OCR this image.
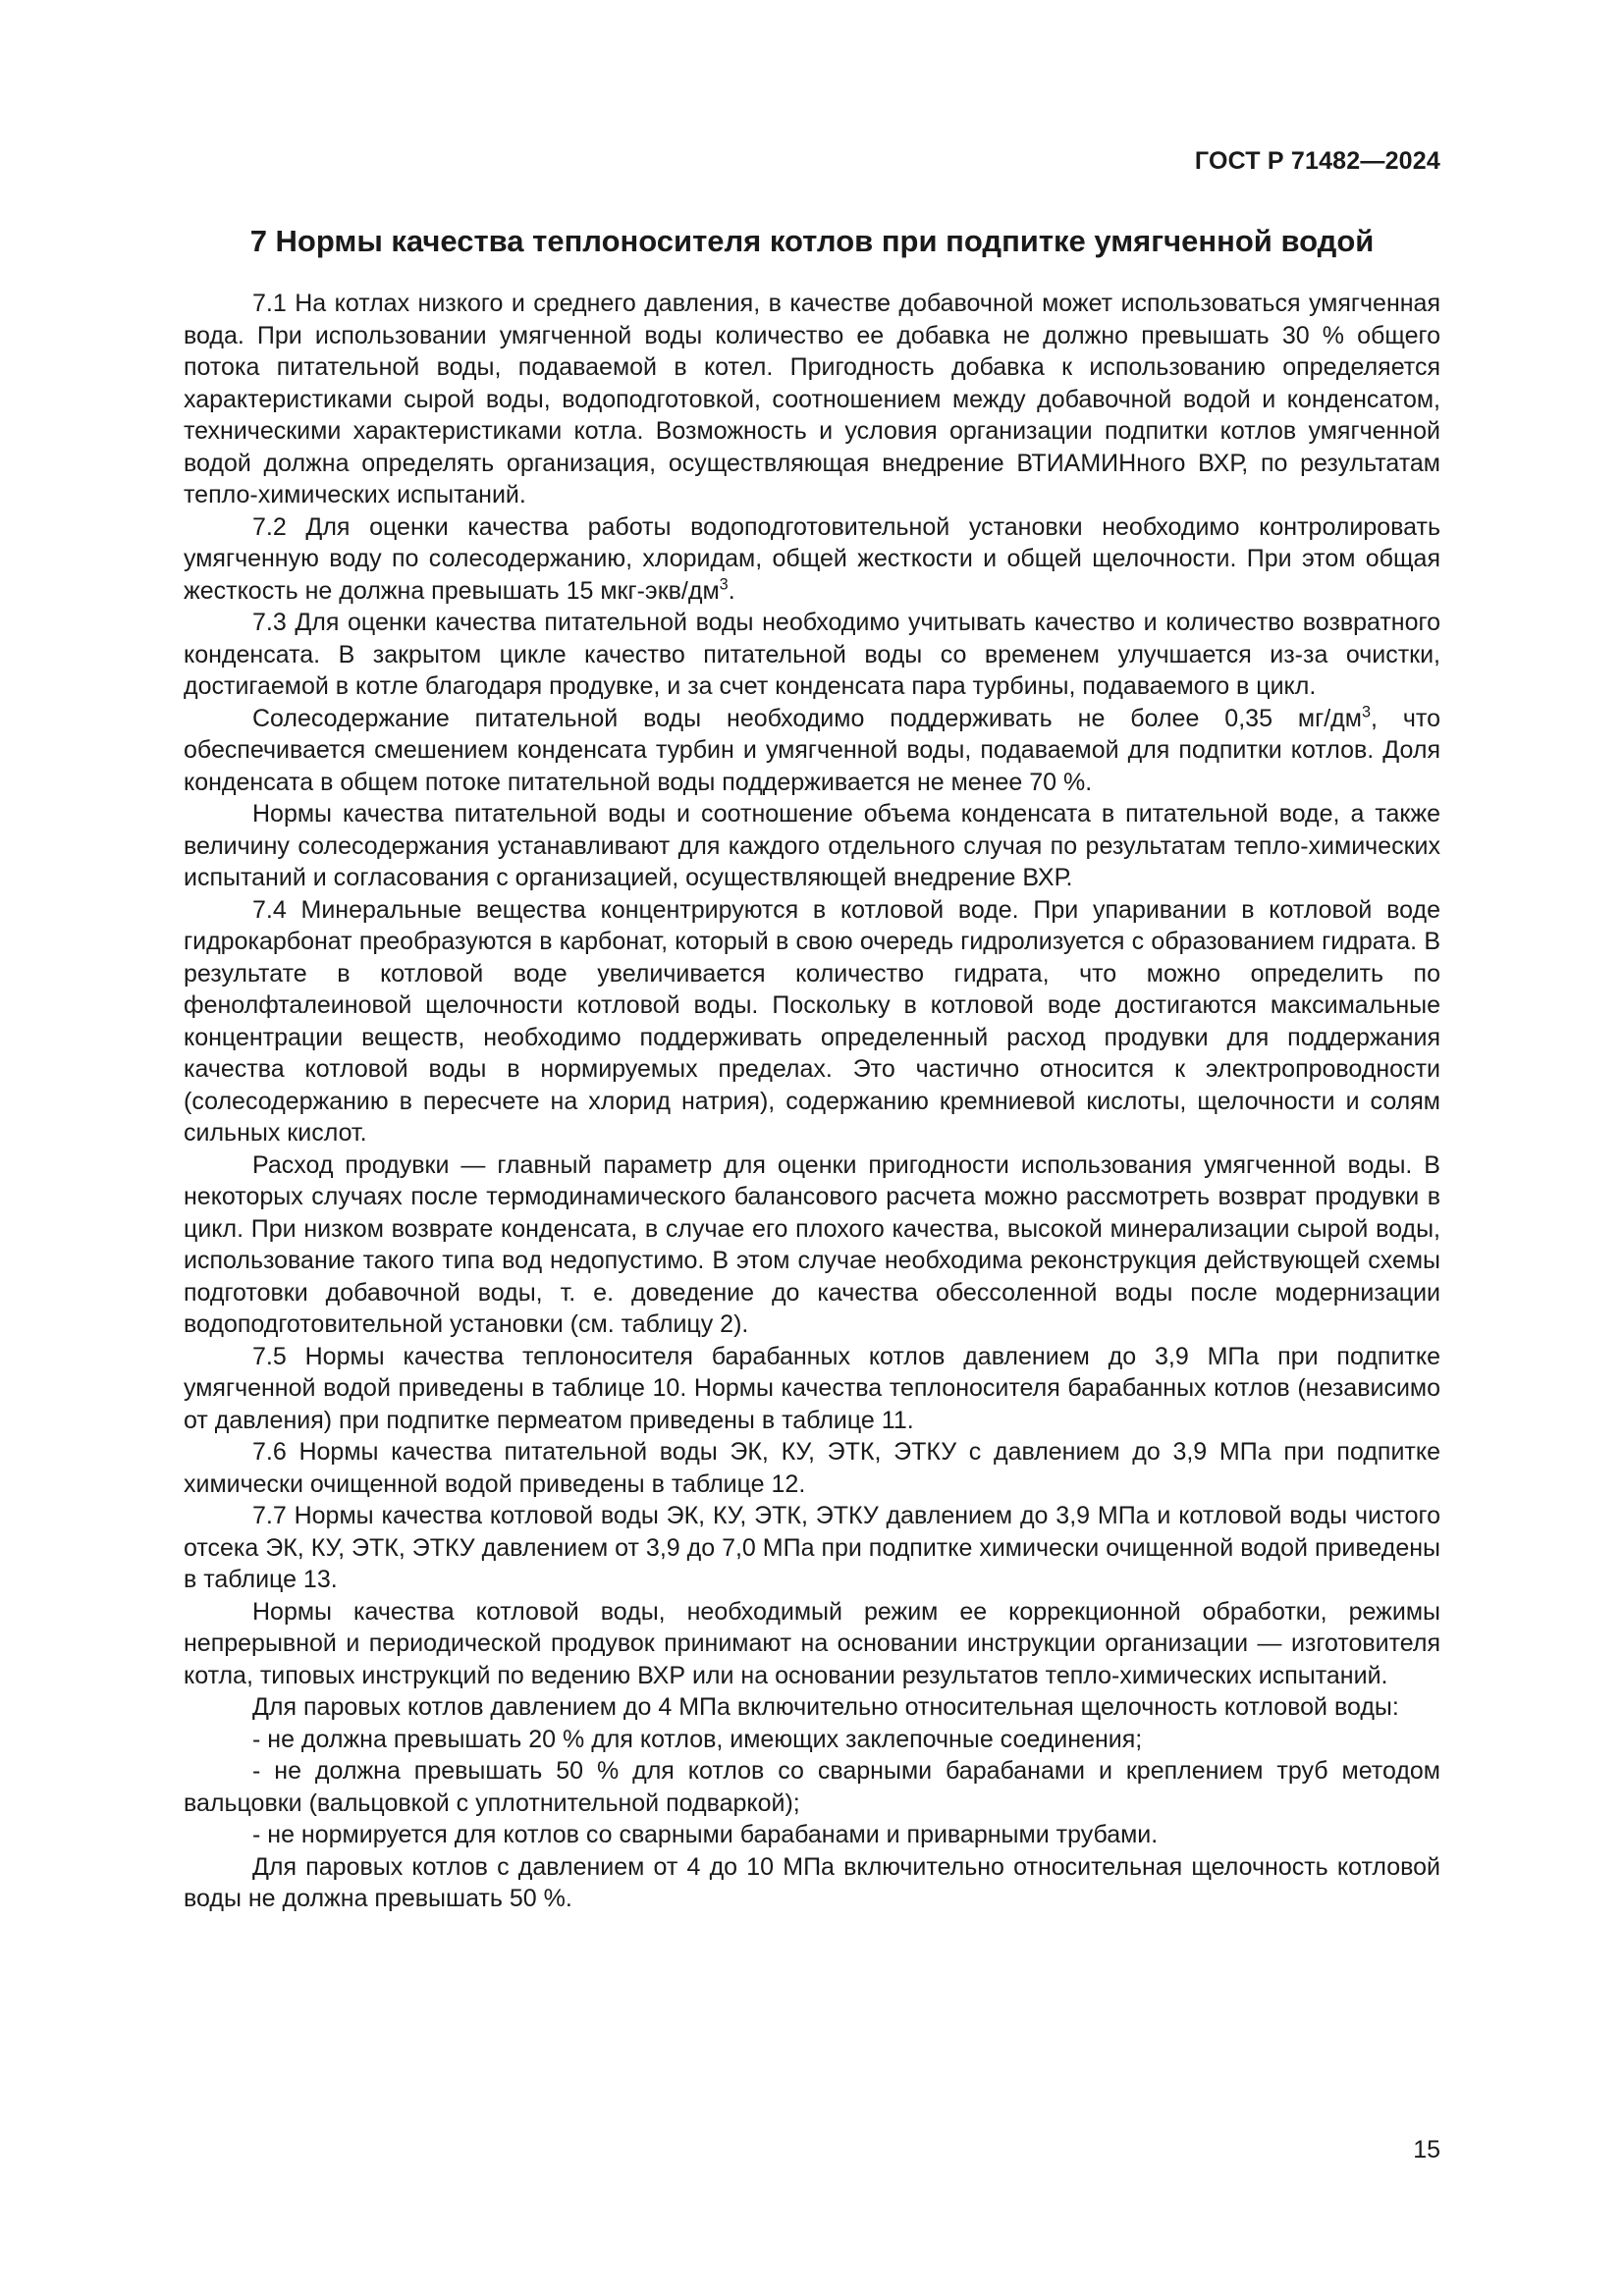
ГОСТ Р 71482—2024
7 Нормы качества теплоносителя котлов при подпитке умягченной водой

7.1 На котлах низкого и среднего давления, в качестве добавочной может использоваться умягченная вода. При использовании умягченной воды количество ее добавка не должно превышать 30 % общего потока питательной воды, подаваемой в котел. Пригодность добавка к использованию определяется характеристиками сырой воды, водоподготовкой, соотношением между добавочной водой и конденсатом, техническими характеристиками котла. Возможность и условия организации подпитки котлов умягченной водой должна определять организация, осуществляющая внедрение ВТИАМИНного ВХР, по результатам тепло-химических испытаний.

7.2 Для оценки качества работы водоподготовительной установки необходимо контролировать умягченную воду по солесодержанию, хлоридам, общей жесткости и общей щелочности. При этом общая жесткость не должна превышать 15 мкг-$экв/дм^3$.

7.3 Для оценки качества питательной воды необходимо учитывать качество и количество возвратного конденсата. В закрытом цикле качество питательной воды со временем улучшается из-за очистки, достигаемой в котле благодаря продувке, и за счет конденсата пара турбины, подаваемого в цикл.

Солесодержание питательной воды необходимо поддерживать не более 0,35 $мг/дм^3$, что обеспечивается смешением конденсата турбин и умягченной воды, подаваемой для подпитки котлов. Доля конденсата в общем потоке питательной воды поддерживается не менее 70 %.

Нормы качества питательной воды и соотношение объема конденсата в питательной воде, а также величину солесодержания устанавливают для каждого отдельного случая по результатам тепло-химических испытаний и согласования с организацией, осуществляющей внедрение ВХР.

7.4 Минеральные вещества концентрируются в котловой воде. При упаривании в котловой воде гидрокарбонат преобразуются в карбонат, который в свою очередь гидролизуется с образованием гидрата. В результате в котловой воде увеличивается количество гидрата, что можно определить по фенолфталеиновой щелочности котловой воды. Поскольку в котловой воде достигаются максимальные концентрации веществ, необходимо поддерживать определенный расход продувки для поддержания качества котловой воды в нормируемых пределах. Это частично относится к электропроводности (солесодержанию в пересчете на хлорид натрия), содержанию кремниевой кислоты, щелочности и солям сильных кислот.

Расход продувки — главный параметр для оценки пригодности использования умягченной воды. В некоторых случаях после термодинамического балансового расчета можно рассмотреть возврат продувки в цикл. При низком возврате конденсата, в случае его плохого качества, высокой минерализации сырой воды, использование такого типа вод недопустимо. В этом случае необходима реконструкция действующей схемы подготовки добавочной воды, т. е. доведение до качества обессоленной воды после модернизации водоподготовительной установки (см. таблицу 2).

7.5 Нормы качества теплоносителя барабанных котлов давлением до 3,9 МПа при подпитке умягченной водой приведены в таблице 10. Нормы качества теплоносителя барабанных котлов (независимо от давления) при подпитке пермеатом приведены в таблице 11.

7.6 Нормы качества питательной воды ЭК, КУ, ЭТК, ЭТКУ с давлением до 3,9 МПа при подпитке химически очищенной водой приведены в таблице 12.

7.7 Нормы качества котловой воды ЭК, КУ, ЭТК, ЭТКУ давлением до 3,9 МПа и котловой воды чистого отсека ЭК, КУ, ЭТК, ЭТКУ давлением от 3,9 до 7,0 МПа при подпитке химически очищенной водой приведены в таблице 13.

Нормы качества котловой воды, необходимый режим ее коррекционной обработки, режимы непрерывной и периодической продувок принимают на основании инструкции организации — изготовителя котла, типовых инструкций по ведению ВХР или на основании результатов тепло-химических испытаний.

Для паровых котлов давлением до 4 МПа включительно относительная щелочность котловой воды:

- не должна превышать 20 % для котлов, имеющих заклепочные соединения;

- не должна превышать 50 % для котлов со сварными барабанами и креплением труб методом вальцовки (вальцовкой с уплотнительной подваркой);

- не нормируется для котлов со сварными барабанами и приварными трубами.

Для паровых котлов с давлением от 4 до 10 МПа включительно относительная щелочность котловой воды не должна превышать 50 %.

15
